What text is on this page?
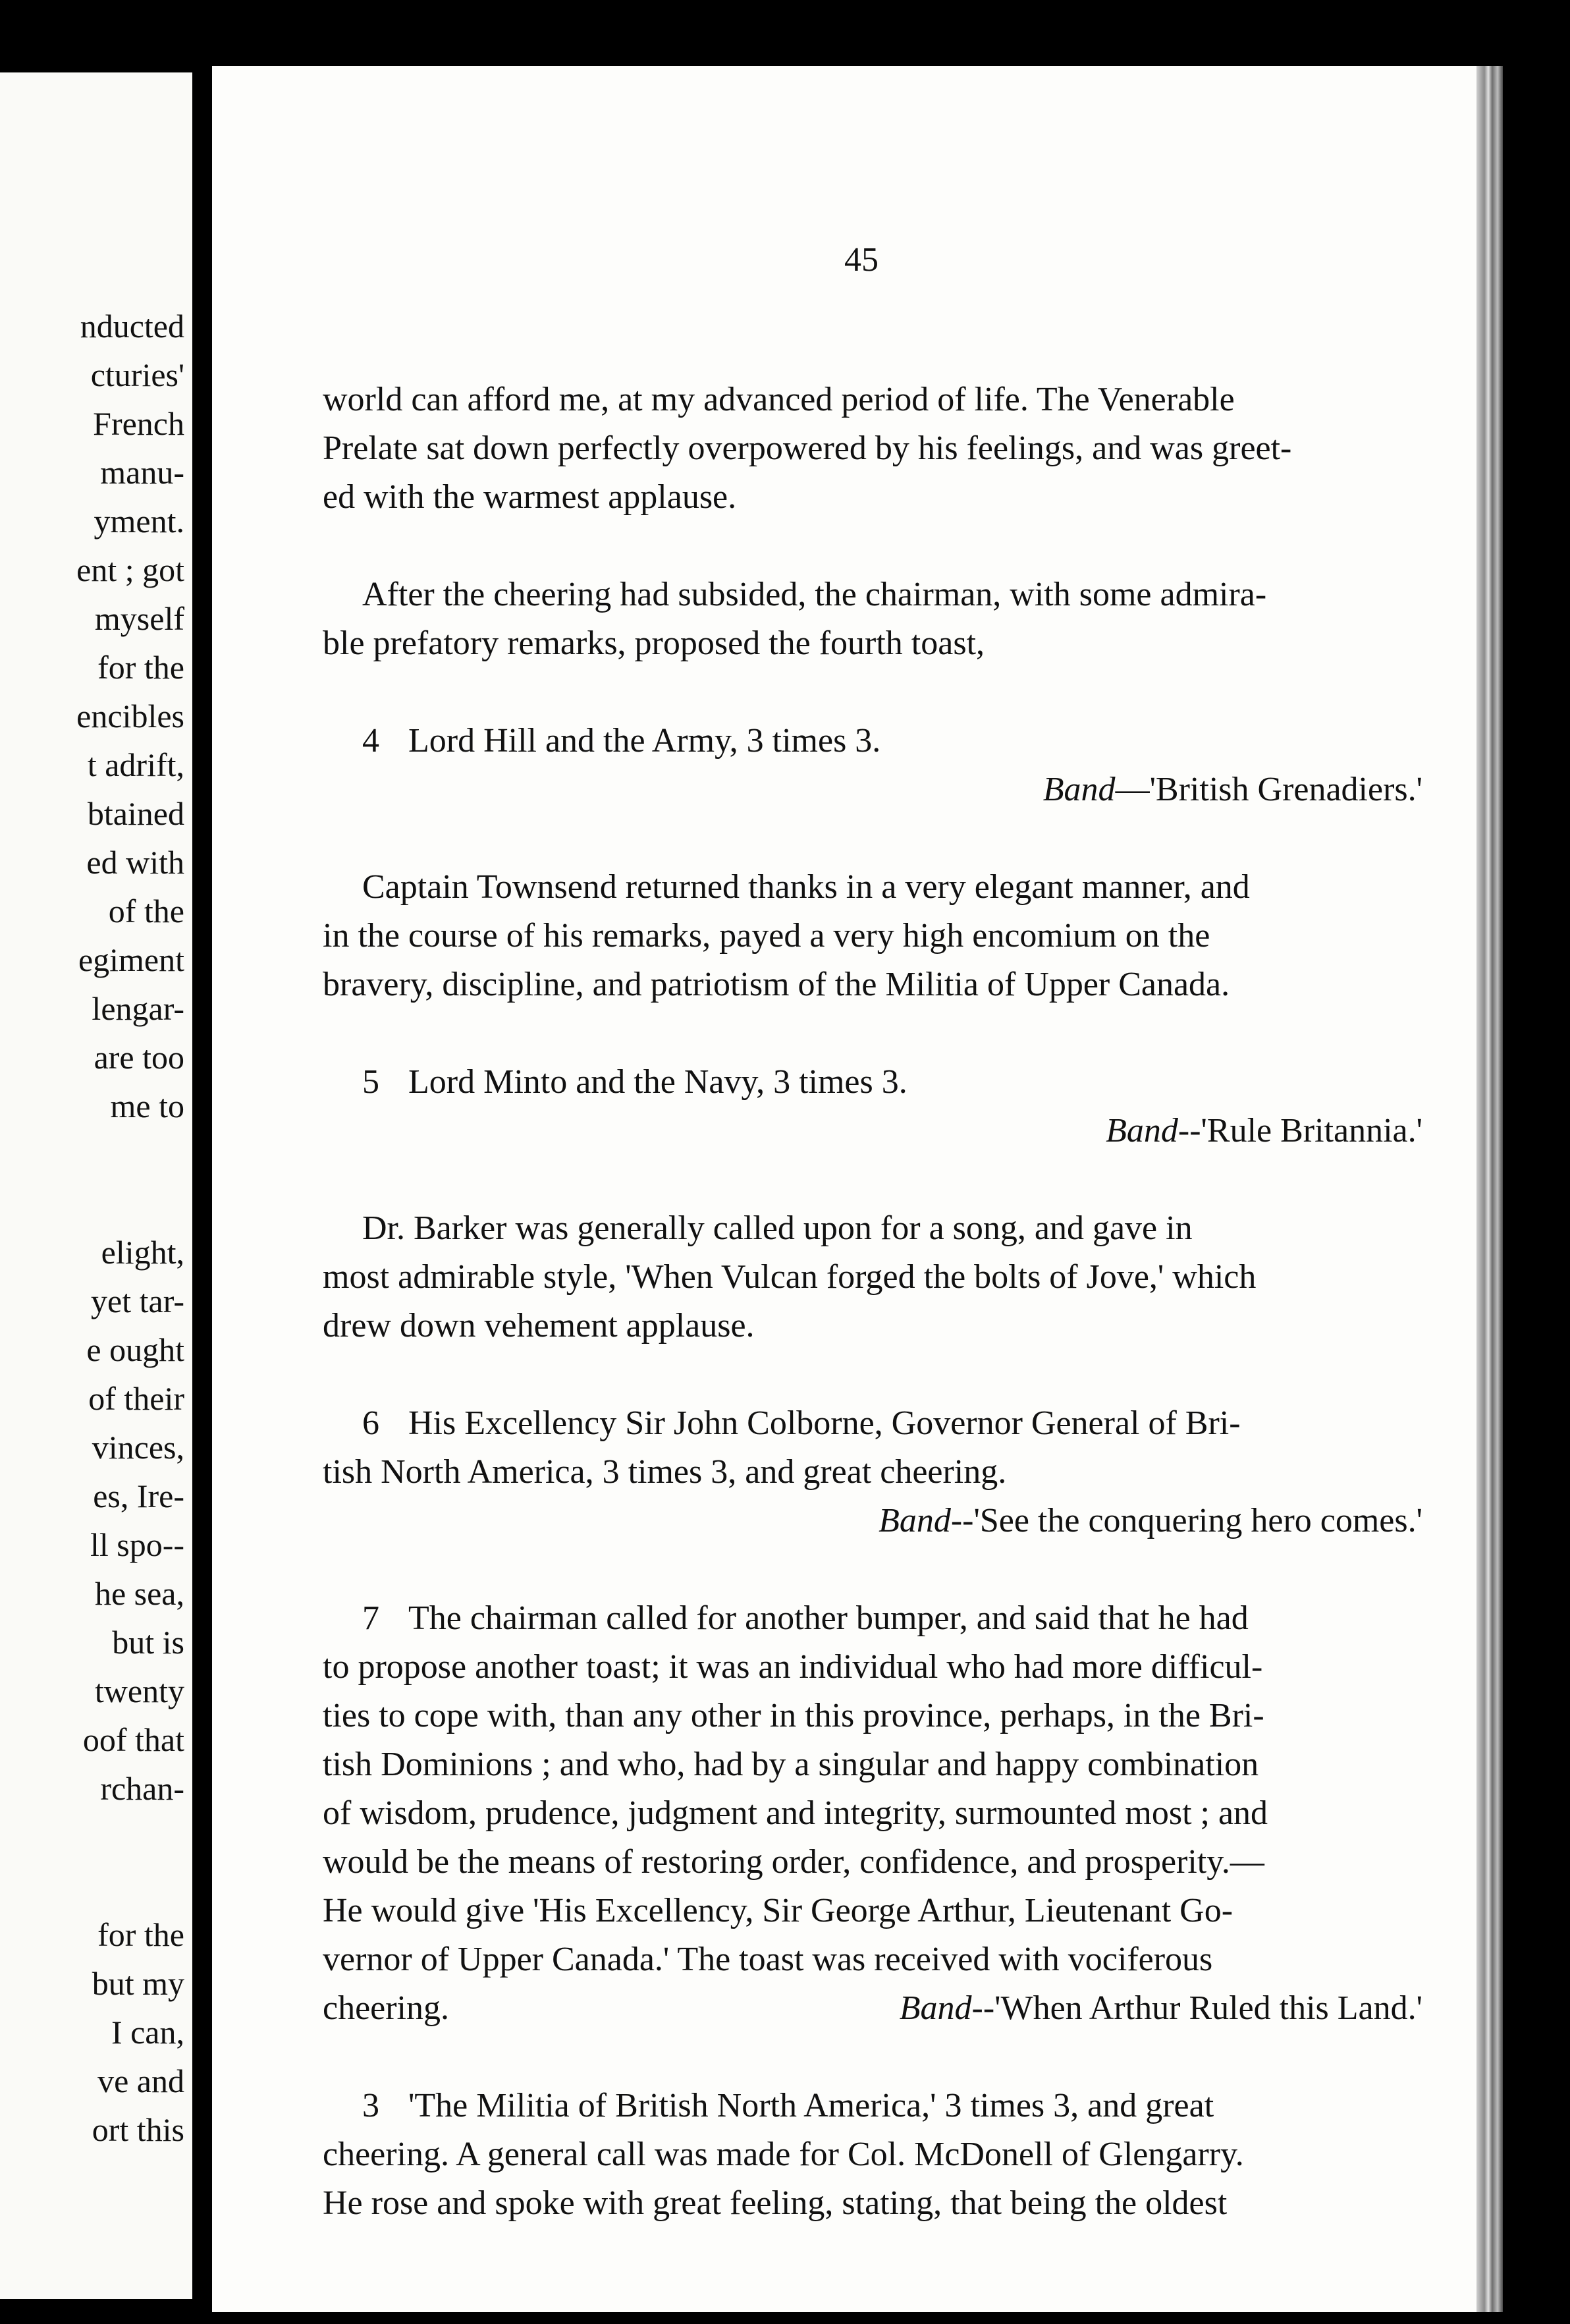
nducted
cturies'
French
manu-
yment.
ent ; got
myself
for the
encibles
t adrift,
btained
ed with
of the
egiment
lengar-
are too
me to
elight,
yet tar-
e ought
of their
vinces,
es, Ire-
ll spo--
he sea,
but is
twenty
oof that
rchan-
for the
but my
I can,
ve and
ort this
45
world can afford me, at my advanced period of life. The Venerable
Prelate sat down perfectly overpowered by his feelings, and was greet-
ed with the warmest applause.
After the cheering had subsided, the chairman, with some admira-
ble prefatory remarks, proposed the fourth toast,
4 Lord Hill and the Army, 3 times 3.
Band—'British Grenadiers.'
Captain Townsend returned thanks in a very elegant manner, and
in the course of his remarks, payed a very high encomium on the
bravery, discipline, and patriotism of the Militia of Upper Canada.
5 Lord Minto and the Navy, 3 times 3.
Band--'Rule Britannia.'
Dr. Barker was generally called upon for a song, and gave in
most admirable style, 'When Vulcan forged the bolts of Jove,' which
drew down vehement applause.
6 His Excellency Sir John Colborne, Governor General of Bri-
tish North America, 3 times 3, and great cheering.
Band--'See the conquering hero comes.'
7 The chairman called for another bumper, and said that he had
to propose another toast; it was an individual who had more difficul-
ties to cope with, than any other in this province, perhaps, in the Bri-
tish Dominions ; and who, had by a singular and happy combination
of wisdom, prudence, judgment and integrity, surmounted most ; and
would be the means of restoring order, confidence, and prosperity.—
He would give 'His Excellency, Sir George Arthur, Lieutenant Go-
vernor of Upper Canada.' The toast was received with vociferous
cheering.	Band--'When Arthur Ruled this Land.'
3 'The Militia of British North America,' 3 times 3, and great
cheering. A general call was made for Col. McDonell of Glengarry.
He rose and spoke with great feeling, stating, that being the oldest
